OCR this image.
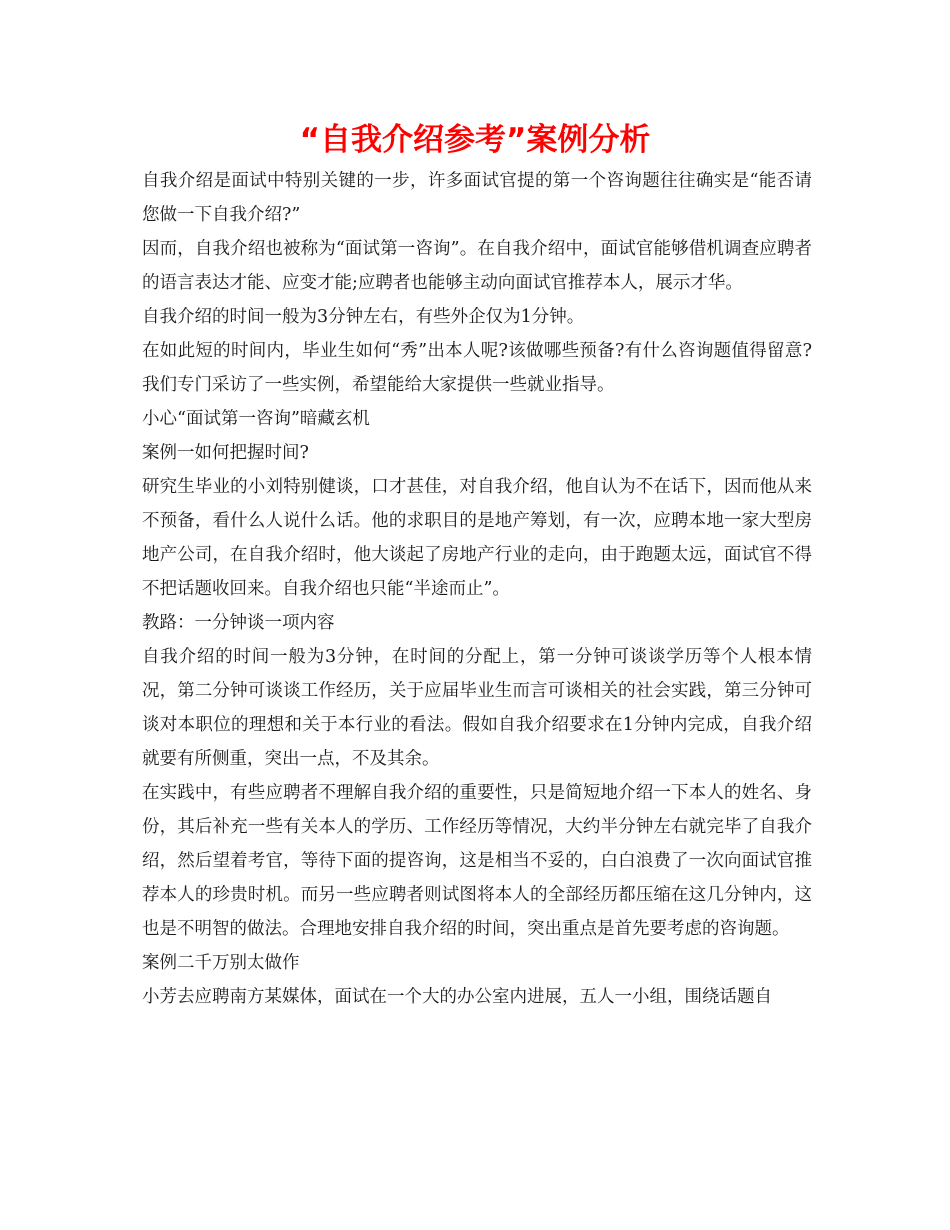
“自我介绍参考”案例分析

自我介绍是面试中特别关键的一步，许多面试官提的第一个咨询题往往确实是“能否请您做一下自我介绍?”

因而，自我介绍也被称为“面试第一咨询”。在自我介绍中，面试官能够借机调查应聘者的语言表达才能、应变才能;应聘者也能够主动向面试官推荐本人，展示才华。

自我介绍的时间一般为3分钟左右，有些外企仅为1分钟。

在如此短的时间内，毕业生如何“秀”出本人呢?该做哪些预备?有什么咨询题值得留意?我们专门采访了一些实例，希望能给大家提供一些就业指导。

小心“面试第一咨询”暗藏玄机

案例一如何把握时间?

研究生毕业的小刘特别健谈，口才甚佳，对自我介绍，他自认为不在话下，因而他从来不预备，看什么人说什么话。他的求职目的是地产筹划，有一次，应聘本地一家大型房地产公司，在自我介绍时，他大谈起了房地产行业的走向，由于跑题太远，面试官不得不把话题收回来。自我介绍也只能“半途而止”。

教路：一分钟谈一项内容

自我介绍的时间一般为3分钟，在时间的分配上，第一分钟可谈谈学历等个人根本情况，第二分钟可谈谈工作经历，关于应届毕业生而言可谈相关的社会实践，第三分钟可谈对本职位的理想和关于本行业的看法。假如自我介绍要求在1分钟内完成，自我介绍就要有所侧重，突出一点，不及其余。

在实践中，有些应聘者不理解自我介绍的重要性，只是简短地介绍一下本人的姓名、身份，其后补充一些有关本人的学历、工作经历等情况，大约半分钟左右就完毕了自我介绍，然后望着考官，等待下面的提咨询，这是相当不妥的，白白浪费了一次向面试官推荐本人的珍贵时机。而另一些应聘者则试图将本人的全部经历都压缩在这几分钟内，这也是不明智的做法。合理地安排自我介绍的时间，突出重点是首先要考虑的咨询题。

案例二千万别太做作

小芳去应聘南方某媒体，面试在一个大的办公室内进展，五人一小组，围绕话题自
